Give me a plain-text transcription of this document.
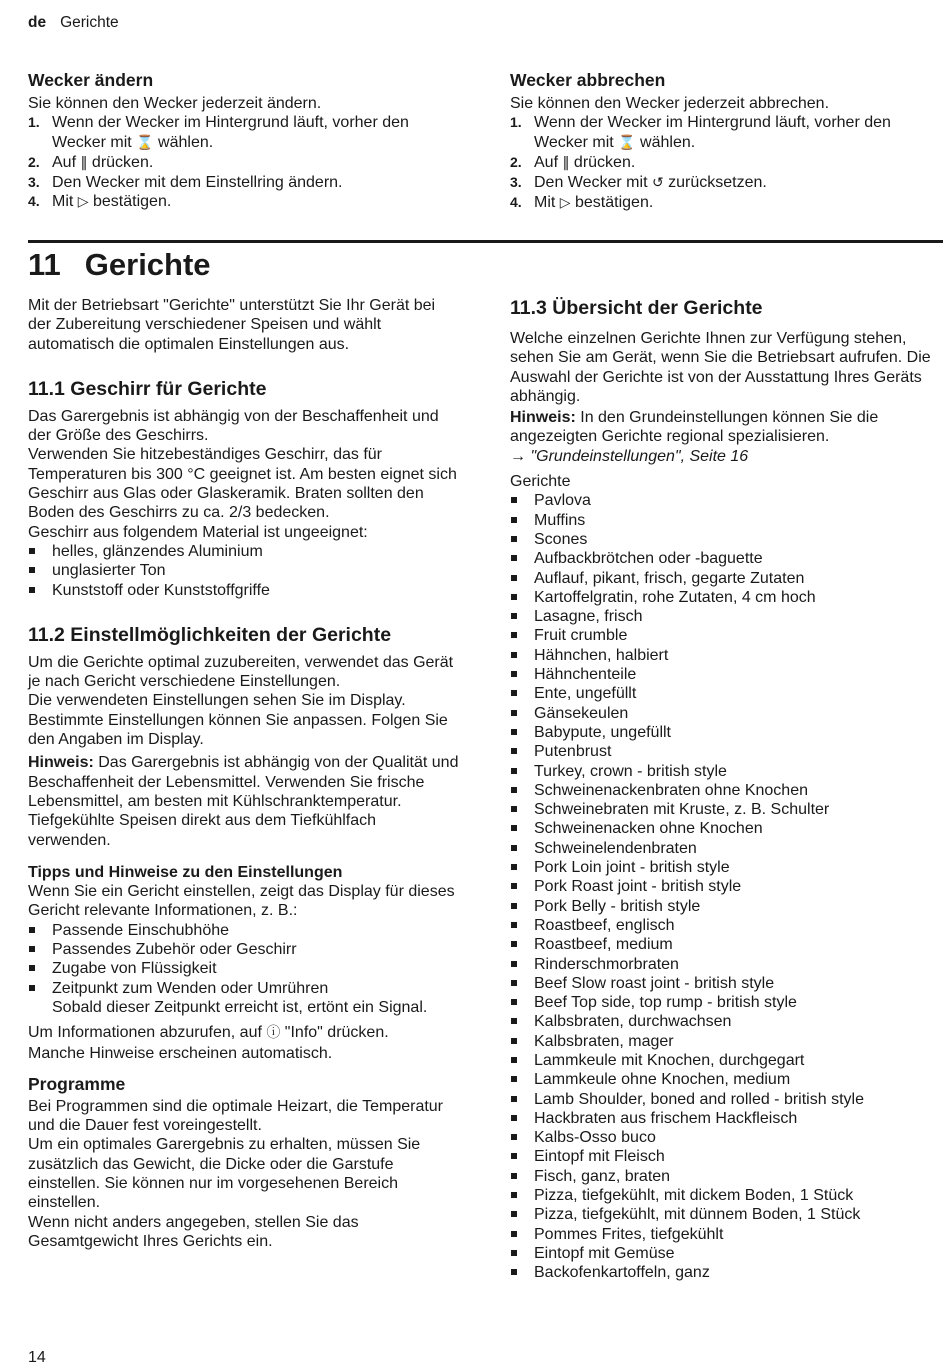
de Gerichte
Wecker ändern

Sie können den Wecker jederzeit ändern.

1. Wenn der Wecker im Hintergrund läuft, vorher den Wecker mit ⌛ wählen.
2. Auf ‖ drücken.
3. Den Wecker mit dem Einstellring ändern.
4. Mit ▷ bestätigen.
Wecker abbrechen

Sie können den Wecker jederzeit abbrechen.

1. Wenn der Wecker im Hintergrund läuft, vorher den Wecker mit ⌛ wählen.
2. Auf ‖ drücken.
3. Den Wecker mit ↺ zurücksetzen.
4. Mit ▷ bestätigen.
11 Gerichte

Mit der Betriebsart "Gerichte" unterstützt Sie Ihr Gerät bei der Zubereitung verschiedener Speisen und wählt automatisch die optimalen Einstellungen aus.

11.1 Geschirr für Gerichte

Das Garergebnis ist abhängig von der Beschaffenheit und der Größe des Geschirrs.

Verwenden Sie hitzebeständiges Geschirr, das für Temperaturen bis 300 °C geeignet ist. Am besten eignet sich Geschirr aus Glas oder Glaskeramik. Braten sollten den Boden des Geschirrs zu ca. 2/3 bedecken.

Geschirr aus folgendem Material ist ungeeignet:

helles, glänzendes Aluminium
unglasierter Ton
Kunststoff oder Kunststoffgriffe
11.2 Einstellmöglichkeiten der Gerichte

Um die Gerichte optimal zuzubereiten, verwendet das Gerät je nach Gericht verschiedene Einstellungen.

Die verwendeten Einstellungen sehen Sie im Display. Bestimmte Einstellungen können Sie anpassen. Folgen Sie den Angaben im Display.

Hinweis: Das Garergebnis ist abhängig von der Qualität und Beschaffenheit der Lebensmittel. Verwenden Sie frische Lebensmittel, am besten mit Kühlschranktemperatur. Tiefgekühlte Speisen direkt aus dem Tiefkühlfach verwenden.

Tipps und Hinweise zu den Einstellungen

Wenn Sie ein Gericht einstellen, zeigt das Display für dieses Gericht relevante Informationen, z. B.:

Passende Einschubhöhe
Passendes Zubehör oder Geschirr
Zugabe von Flüssigkeit
Zeitpunkt zum Wenden oder Umrühren
Sobald dieser Zeitpunkt erreicht ist, ertönt ein Signal.

Um Informationen abzurufen, auf ⓘ "Info" drücken.

Manche Hinweise erscheinen automatisch.

Programme

Bei Programmen sind die optimale Heizart, die Temperatur und die Dauer fest voreingestellt.

Um ein optimales Garergebnis zu erhalten, müssen Sie zusätzlich das Gewicht, die Dicke oder die Garstufe einstellen. Sie können nur im vorgesehenen Bereich einstellen.

Wenn nicht anders angegeben, stellen Sie das Gesamtgewicht Ihres Gerichts ein.

11.3 Übersicht der Gerichte

Welche einzelnen Gerichte Ihnen zur Verfügung stehen, sehen Sie am Gerät, wenn Sie die Betriebsart aufrufen. Die Auswahl der Gerichte ist von der Ausstattung Ihres Geräts abhängig.

Hinweis: In den Grundeinstellungen können Sie die angezeigten Gerichte regional spezialisieren.

→ "Grundeinstellungen", Seite 16

Gerichte

Pavlova
Muffins
Scones
Aufbackbrötchen oder -baguette
Auflauf, pikant, frisch, gegarte Zutaten
Kartoffelgratin, rohe Zutaten, 4 cm hoch
Lasagne, frisch
Fruit crumble
Hähnchen, halbiert
Hähnchenteile
Ente, ungefüllt
Gänsekeulen
Babypute, ungefüllt
Putenbrust
Turkey, crown - british style
Schweinenackenbraten ohne Knochen
Schweinebraten mit Kruste, z. B. Schulter
Schweinenacken ohne Knochen
Schweinelendenbraten
Pork Loin joint - british style
Pork Roast joint - british style
Pork Belly - british style
Roastbeef, englisch
Roastbeef, medium
Rinderschmorbraten
Beef Slow roast joint - british style
Beef Top side, top rump - british style
Kalbsbraten, durchwachsen
Kalbsbraten, mager
Lammkeule mit Knochen, durchgegart
Lammkeule ohne Knochen, medium
Lamb Shoulder, boned and rolled - british style
Hackbraten aus frischem Hackfleisch
Kalbs-Osso buco
Eintopf mit Fleisch
Fisch, ganz, braten
Pizza, tiefgekühlt, mit dickem Boden, 1 Stück
Pizza, tiefgekühlt, mit dünnem Boden, 1 Stück
Pommes Frites, tiefgekühlt
Eintopf mit Gemüse
Backofenkartoffeln, ganz
14
